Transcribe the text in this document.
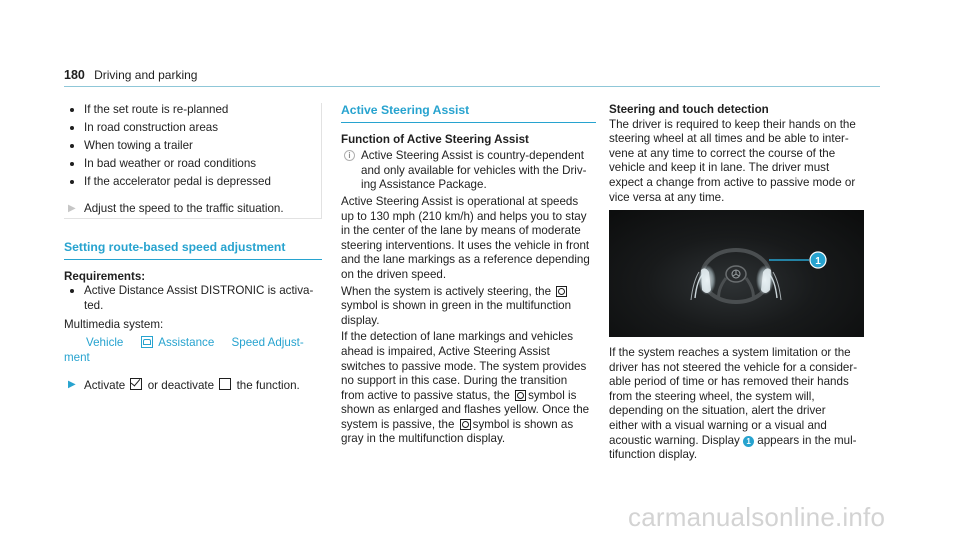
180 Driving and parking
If the set route is re-planned
In road construction areas
When towing a trailer
In bad weather or road conditions
If the accelerator pedal is depressed
▶ Adjust the speed to the traffic situation.
Setting route-based speed adjustment

Requirements:

Active Distance Assist DISTRONIC is activa-
ted.

Multimedia system:

Vehicle	Assistance Speed Adjust-

ment

▶ Activate or deactivate the function.
Active Steering Assist

Function of Active Steering Assist

i Active Steering Assist is country-dependent

and only available for vehicles with the Driv-

ing Assistance Package.

Active Steering Assist is operational at speeds

up to 130 mph (210 km/h) and helps you to stay

in the center of the lane by means of moderate

steering interventions. It uses the vehicle in front

and the lane markings as a reference depending

on the driven speed.

When the system is actively steering, the

symbol is shown in green in the multifunction

display.

If the detection of lane markings and vehicles

ahead is impaired, Active Steering Assist

switches to passive mode. The system provides

no support in this case. During the transition

from active to passive status, the symbol is

shown as enlarged and flashes yellow. Once the

system is passive, the symbol is shown as

gray in the multifunction display.

Steering and touch detection

The driver is required to keep their hands on the

steering wheel at all times and be able to inter-

vene at any time to correct the course of the

vehicle and keep it in lane. The driver must

expect a change from active to passive mode or

vice versa at any time.

1

If the system reaches a system limitation or the

driver has not steered the vehicle for a consider-

able period of time or has removed their hands

from the steering wheel, the system will,

depending on the situation, alert the driver

either with a visual warning or a visual and

acoustic warning. Display 1 appears in the mul-

tifunction display.

carmanualsonline.info
